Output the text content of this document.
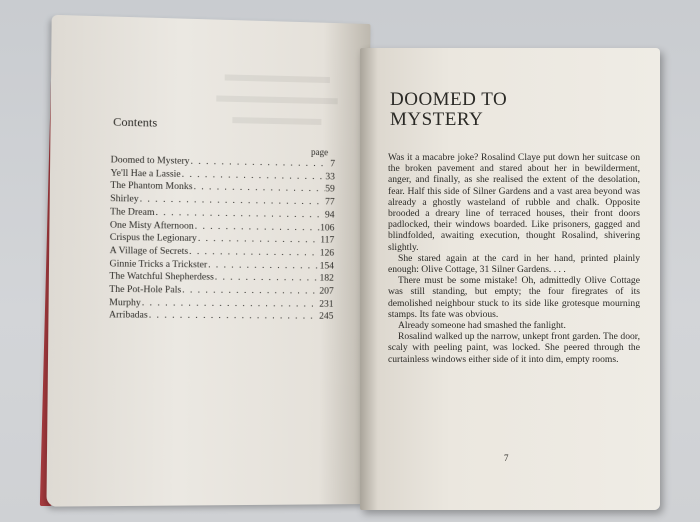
Contents
page
Doomed to Mystery . . .	7
Ye'll Hae a Lassie . . .	33
The Phantom Monks . . .	59
Shirley . . .	77
The Dream . . .	94
One Misty Afternoon . . .	106
Crispus the Legionary . . .	117
A Village of Secrets . . .	126
Ginnie Tricks a Trickster . . .	154
The Watchful Shepherdess . . .	182
The Pot-Hole Pals . . .	207
Murphy . . .	231
Arribadas . . .	245
DOOMED TO
MYSTERY

Was it a macabre joke? Rosalind Claye put down her suitcase on the broken pavement and stared about her in bewilderment, anger, and finally, as she realised the extent of the desolation, fear. Half this side of Silner Gardens and a vast area beyond was already a ghostly wasteland of rubble and chalk. Opposite brooded a dreary line of terraced houses, their front doors padlocked, their windows boarded. Like prisoners, gagged and blindfolded, awaiting execution, thought Rosalind, shivering slightly.

She stared again at the card in her hand, printed plainly enough: Olive Cottage, 31 Silner Gardens. . . .

There must be some mistake! Oh, admittedly Olive Cottage was still standing, but empty; the four firegrates of its demolished neighbour stuck to its side like grotesque mourning stamps. Its fate was obvious.

Already someone had smashed the fanlight.

Rosalind walked up the narrow, unkept front garden. The door, scaly with peeling paint, was locked. She peered through the curtainless windows either side of it into dim, empty rooms.

7
